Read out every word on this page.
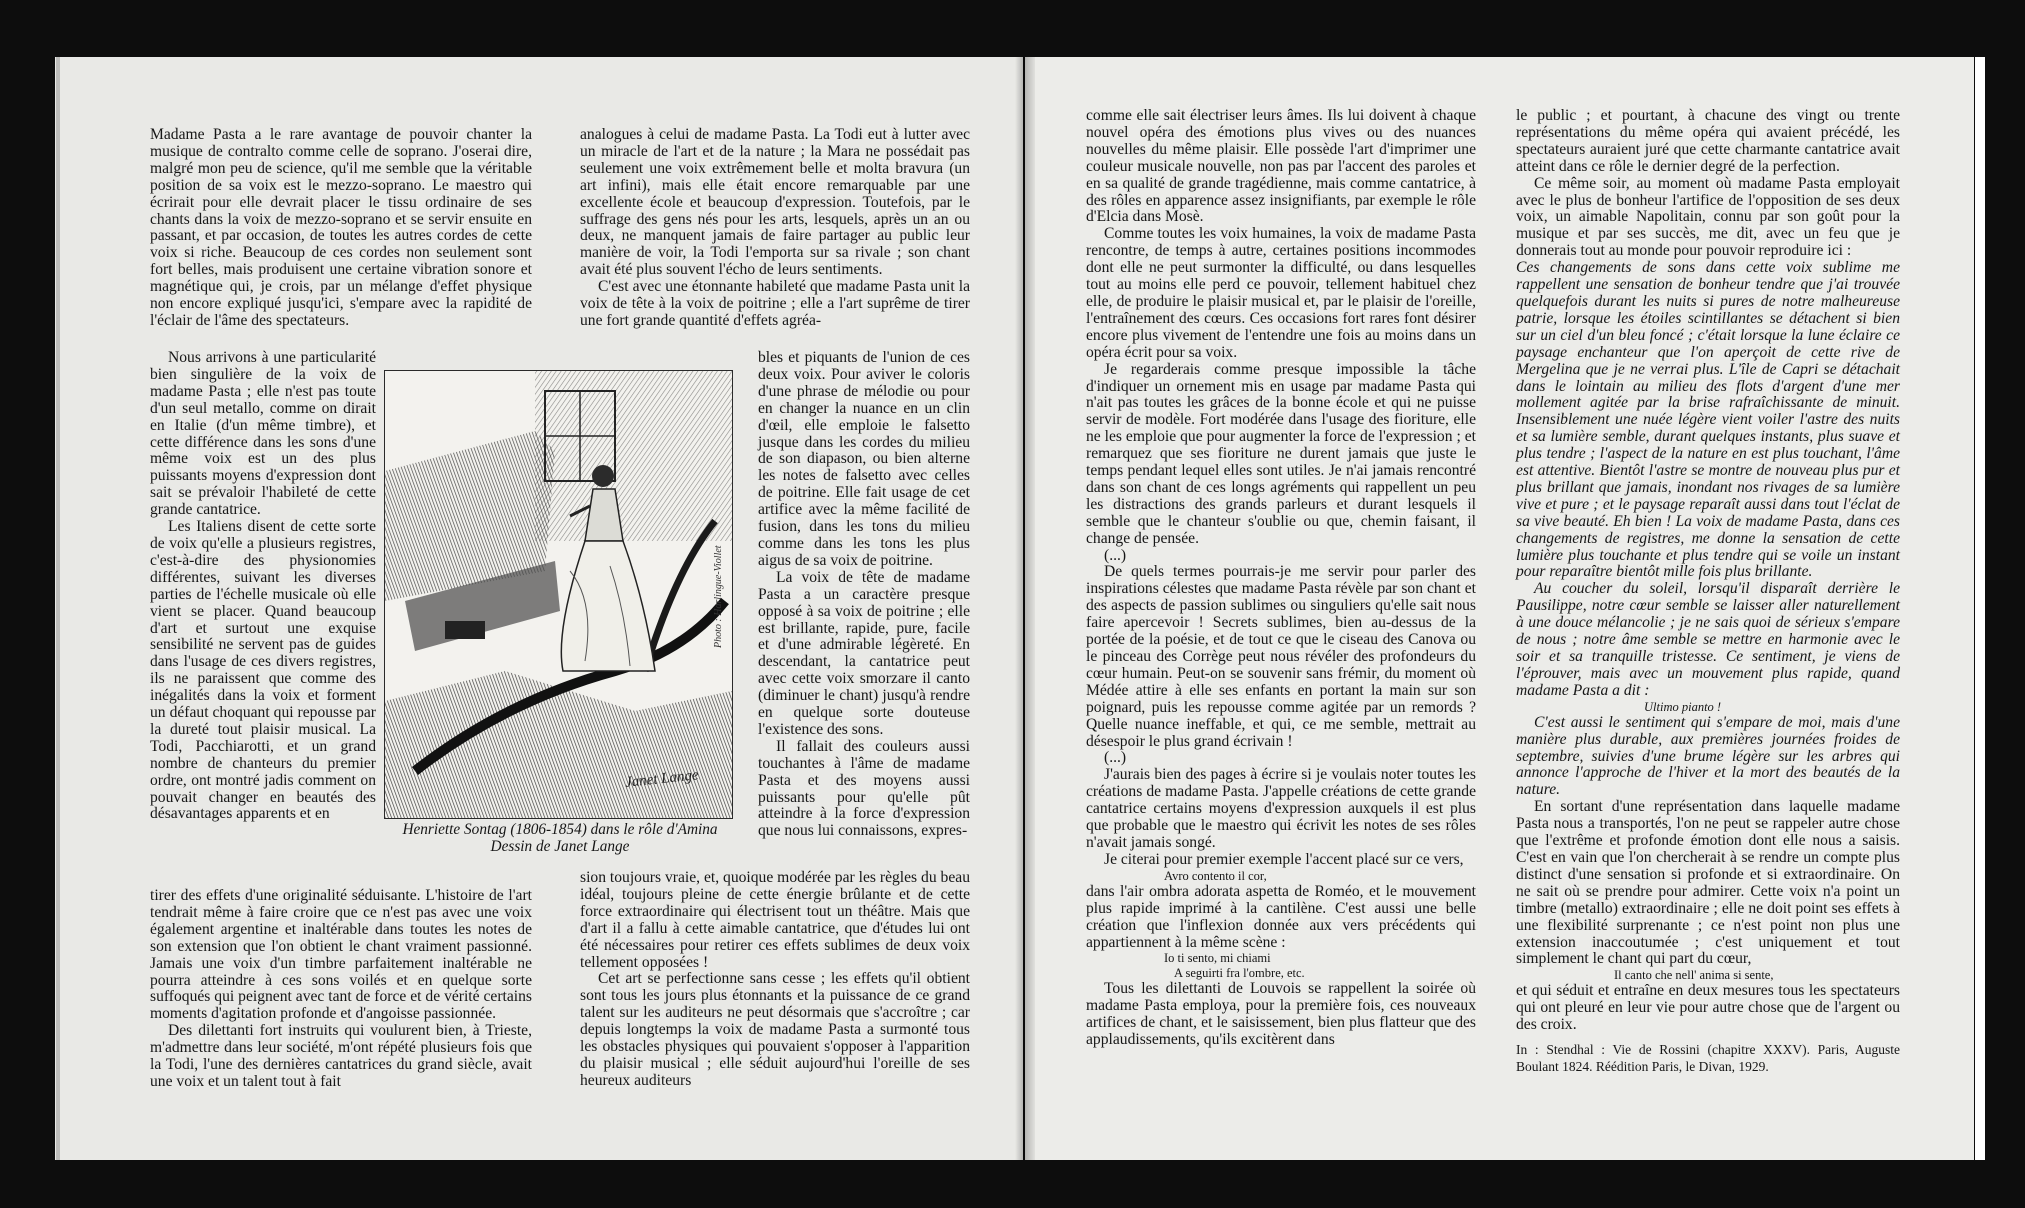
Madame Pasta a le rare avantage de pouvoir chanter la musique de contralto comme celle de soprano. J'oserai dire, malgré mon peu de science, qu'il me semble que la véritable position de sa voix est le mezzo-soprano. Le maestro qui écrirait pour elle devrait placer le tissu ordinaire de ses chants dans la voix de mezzo-soprano et se servir ensuite en passant, et par occasion, de toutes les autres cordes de cette voix si riche. Beaucoup de ces cordes non seulement sont fort belles, mais produisent une certaine vibration sonore et magnétique qui, je crois, par un mélange d'effet physique non encore expliqué jusqu'ici, s'empare avec la rapidité de l'éclair de l'âme des spectateurs.

Nous arrivons à une particularité bien singulière de la voix de madame Pasta ; elle n'est pas toute d'un seul metallo, comme on dirait en Italie (d'un même timbre), et cette différence dans les sons d'une même voix est un des plus puissants moyens d'expression dont sait se prévaloir l'habileté de cette grande cantatrice.

Les Italiens disent de cette sorte de voix qu'elle a plusieurs registres, c'est-à-dire des physionomies différentes, suivant les diverses parties de l'échelle musicale où elle vient se placer. Quand beaucoup d'art et surtout une exquise sensibilité ne servent pas de guides dans l'usage de ces divers registres, ils ne paraissent que comme des inégalités dans la voix et forment un défaut choquant qui repousse par la dureté tout plaisir musical. La Todi, Pacchiarotti, et un grand nombre de chanteurs du premier ordre, ont montré jadis comment on pouvait changer en beautés des désavantages apparents et en

tirer des effets d'une originalité séduisante. L'histoire de l'art tendrait même à faire croire que ce n'est pas avec une voix également argentine et inaltérable dans toutes les notes de son extension que l'on obtient le chant vraiment passionné. Jamais une voix d'un timbre parfaitement inaltérable ne pourra atteindre à ces sons voilés et en quelque sorte suffoqués qui peignent avec tant de force et de vérité certains moments d'agitation profonde et d'angoisse passionnée.

Des dilettanti fort instruits qui voulurent bien, à Trieste, m'admettre dans leur société, m'ont répété plusieurs fois que la Todi, l'une des dernières cantatrices du grand siècle, avait une voix et un talent tout à fait

analogues à celui de madame Pasta. La Todi eut à lutter avec un miracle de l'art et de la nature ; la Mara ne possédait pas seulement une voix extrêmement belle et molta bravura (un art infini), mais elle était encore remarquable par une excellente école et beaucoup d'expression. Toutefois, par le suffrage des gens nés pour les arts, lesquels, après un an ou deux, ne manquent jamais de faire partager au public leur manière de voir, la Todi l'emporta sur sa rivale ; son chant avait été plus souvent l'écho de leurs sentiments.

C'est avec une étonnante habileté que madame Pasta unit la voix de tête à la voix de poitrine ; elle a l'art suprême de tirer une fort grande quantité d'effets agréa-

bles et piquants de l'union de ces deux voix. Pour aviver le coloris d'une phrase de mélodie ou pour en changer la nuance en un clin d'œil, elle emploie le falsetto jusque dans les cordes du milieu de son diapason, ou bien alterne les notes de falsetto avec celles de poitrine. Elle fait usage de cet artifice avec la même facilité de fusion, dans les tons du milieu comme dans les tons les plus aigus de sa voix de poitrine.

La voix de tête de madame Pasta a un caractère presque opposé à sa voix de poitrine ; elle est brillante, rapide, pure, facile et d'une admirable légèreté. En descendant, la cantatrice peut avec cette voix smorzare il canto (diminuer le chant) jusqu'à rendre en quelque sorte douteuse l'existence des sons.

Il fallait des couleurs aussi touchantes à l'âme de madame Pasta et des moyens aussi puissants pour qu'elle pût atteindre à la force d'expression que nous lui connaissons, expres-

sion toujours vraie, et, quoique modérée par les règles du beau idéal, toujours pleine de cette énergie brûlante et de cette force extraordinaire qui électrisent tout un théâtre. Mais que d'art il a fallu à cette aimable cantatrice, que d'études lui ont été nécessaires pour retirer ces effets sublimes de deux voix tellement opposées !

Cet art se perfectionne sans cesse ; les effets qu'il obtient sont tous les jours plus étonnants et la puissance de ce grand talent sur les auditeurs ne peut désormais que s'accroître ; car depuis longtemps la voix de madame Pasta a surmonté tous les obstacles physiques qui pouvaient s'opposer à l'apparition du plaisir musical ; elle séduit aujourd'hui l'oreille de ses heureux auditeurs

Janet Lange
Photo : Harlingue-Viollet
Henriette Sontag (1806-1854) dans le rôle d'Amina
Dessin de Janet Lange

comme elle sait électriser leurs âmes. Ils lui doivent à chaque nouvel opéra des émotions plus vives ou des nuances nouvelles du même plaisir. Elle possède l'art d'imprimer une couleur musicale nouvelle, non pas par l'accent des paroles et en sa qualité de grande tragédienne, mais comme cantatrice, à des rôles en apparence assez insignifiants, par exemple le rôle d'Elcia dans Mosè.

Comme toutes les voix humaines, la voix de madame Pasta rencontre, de temps à autre, certaines positions incommodes dont elle ne peut surmonter la difficulté, ou dans lesquelles tout au moins elle perd ce pouvoir, tellement habituel chez elle, de produire le plaisir musical et, par le plaisir de l'oreille, l'entraînement des cœurs. Ces occasions fort rares font désirer encore plus vivement de l'entendre une fois au moins dans un opéra écrit pour sa voix.

Je regarderais comme presque impossible la tâche d'indiquer un ornement mis en usage par madame Pasta qui n'ait pas toutes les grâces de la bonne école et qui ne puisse servir de modèle. Fort modérée dans l'usage des fioriture, elle ne les emploie que pour augmenter la force de l'expression ; et remarquez que ses fioriture ne durent jamais que juste le temps pendant lequel elles sont utiles. Je n'ai jamais rencontré dans son chant de ces longs agréments qui rappellent un peu les distractions des grands parleurs et durant lesquels il semble que le chanteur s'oublie ou que, chemin faisant, il change de pensée.

(...)

De quels termes pourrais-je me servir pour parler des inspirations célestes que madame Pasta révèle par son chant et des aspects de passion sublimes ou singuliers qu'elle sait nous faire apercevoir ! Secrets sublimes, bien au-dessus de la portée de la poésie, et de tout ce que le ciseau des Canova ou le pinceau des Corrège peut nous révéler des profondeurs du cœur humain. Peut-on se souvenir sans frémir, du moment où Médée attire à elle ses enfants en portant la main sur son poignard, puis les repousse comme agitée par un remords ? Quelle nuance ineffable, et qui, ce me semble, mettrait au désespoir le plus grand écrivain !

(...)

J'aurais bien des pages à écrire si je voulais noter toutes les créations de madame Pasta. J'appelle créations de cette grande cantatrice certains moyens d'expression auxquels il est plus que probable que le maestro qui écrivit les notes de ses rôles n'avait jamais songé.

Je citerai pour premier exemple l'accent placé sur ce vers,

Avro contento il cor,

dans l'air ombra adorata aspetta de Roméo, et le mouvement plus rapide imprimé à la cantilène. C'est aussi une belle création que l'inflexion donnée aux vers précédents qui appartiennent à la même scène :

Io ti sento, mi chiami

A seguirti fra l'ombre, etc.

Tous les dilettanti de Louvois se rappellent la soirée où madame Pasta employa, pour la première fois, ces nouveaux artifices de chant, et le saisissement, bien plus flatteur que des applaudissements, qu'ils excitèrent dans

le public ; et pourtant, à chacune des vingt ou trente représentations du même opéra qui avaient précédé, les spectateurs auraient juré que cette charmante cantatrice avait atteint dans ce rôle le dernier degré de la perfection.

Ce même soir, au moment où madame Pasta employait avec le plus de bonheur l'artifice de l'opposition de ses deux voix, un aimable Napolitain, connu par son goût pour la musique et par ses succès, me dit, avec un feu que je donnerais tout au monde pour pouvoir reproduire ici :

Ces changements de sons dans cette voix sublime me rappellent une sensation de bonheur tendre que j'ai trouvée quelquefois durant les nuits si pures de notre malheureuse patrie, lorsque les étoiles scintillantes se détachent si bien sur un ciel d'un bleu foncé ; c'était lorsque la lune éclaire ce paysage enchanteur que l'on aperçoit de cette rive de Mergelina que je ne verrai plus. L'île de Capri se détachait dans le lointain au milieu des flots d'argent d'une mer mollement agitée par la brise rafraîchissante de minuit. Insensiblement une nuée légère vient voiler l'astre des nuits et sa lumière semble, durant quelques instants, plus suave et plus tendre ; l'aspect de la nature en est plus touchant, l'âme est attentive. Bientôt l'astre se montre de nouveau plus pur et plus brillant que jamais, inondant nos rivages de sa lumière vive et pure ; et le paysage reparaît aussi dans tout l'éclat de sa vive beauté. Eh bien ! La voix de madame Pasta, dans ces changements de registres, me donne la sensation de cette lumière plus touchante et plus tendre qui se voile un instant pour reparaître bientôt mille fois plus brillante.

Au coucher du soleil, lorsqu'il disparaît derrière le Pausilippe, notre cœur semble se laisser aller naturellement à une douce mélancolie ; je ne sais quoi de sérieux s'empare de nous ; notre âme semble se mettre en harmonie avec le soir et sa tranquille tristesse. Ce sentiment, je viens de l'éprouver, mais avec un mouvement plus rapide, quand madame Pasta a dit :

Ultimo pianto !

C'est aussi le sentiment qui s'empare de moi, mais d'une manière plus durable, aux premières journées froides de septembre, suivies d'une brume légère sur les arbres qui annonce l'approche de l'hiver et la mort des beautés de la nature.

En sortant d'une représentation dans laquelle madame Pasta nous a transportés, l'on ne peut se rappeler autre chose que l'extrême et profonde émotion dont elle nous a saisis. C'est en vain que l'on chercherait à se rendre un compte plus distinct d'une sensation si profonde et si extraordinaire. On ne sait où se prendre pour admirer. Cette voix n'a point un timbre (metallo) extraordinaire ; elle ne doit point ses effets à une flexibilité surprenante ; ce n'est point non plus une extension inaccoutumée ; c'est uniquement et tout simplement le chant qui part du cœur,

Il canto che nell' anima si sente,

et qui séduit et entraîne en deux mesures tous les spectateurs qui ont pleuré en leur vie pour autre chose que de l'argent ou des croix.

In : Stendhal : Vie de Rossini (chapitre XXXV). Paris, Auguste Boulant 1824. Réédition Paris, le Divan, 1929.
